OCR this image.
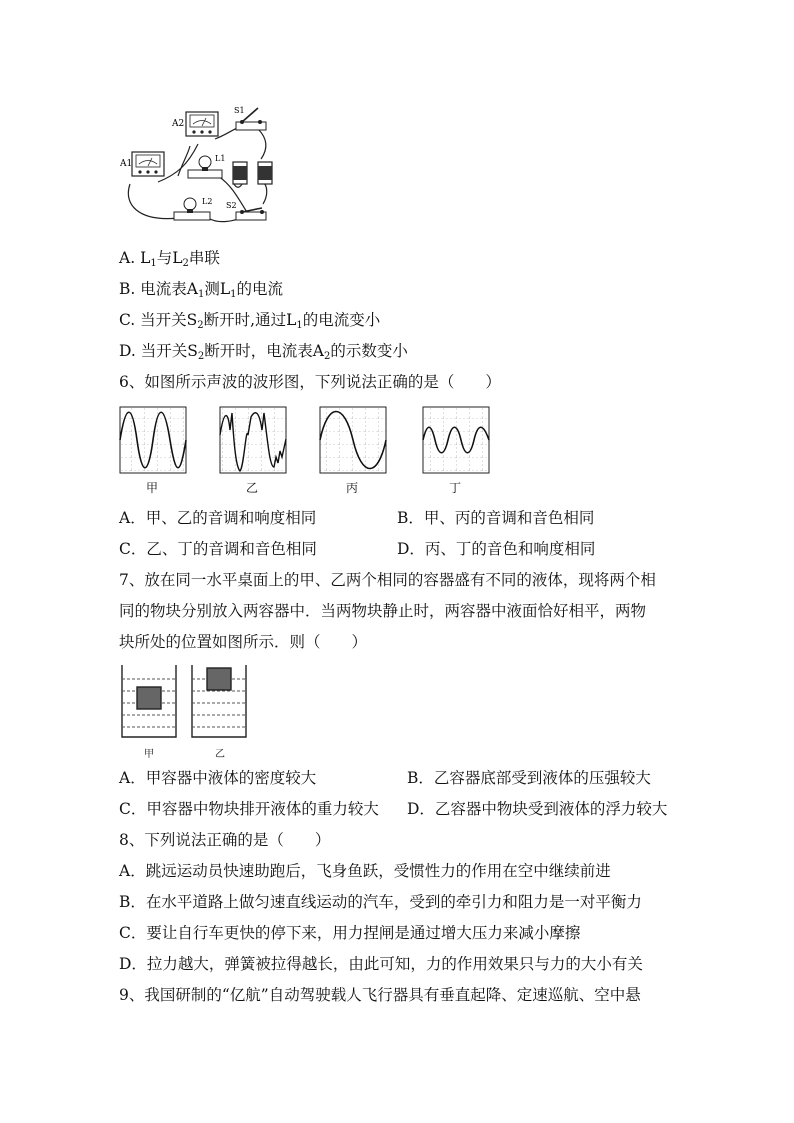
A2
A1
S1
L1
L2 S2
A. $L_1$与$L_2$串联
B. 电流表$A_1$测$L_1$的电流
C. 当开关$S_2$断开时,通过$L_1$的电流变小
D. 当开关$S_2$断开时，电流表$A_2$的示数变小
6、如图所示声波的波形图，下列说法正确的是（　　）
甲	乙	丙	丁
A．甲、乙的音调和响度相同	B．甲、丙的音调和音色相同
C．乙、丁的音调和音色相同	D．丙、丁的音色和响度相同
7、放在同一水平桌面上的甲、乙两个相同的容器盛有不同的液体，现将两个相
同的物块分别放入两容器中．当两物块静止时，两容器中液面恰好相平，两物
块所处的位置如图所示．则（　　）
甲	乙
A．甲容器中液体的密度较大	B．乙容器底部受到液体的压强较大
C．甲容器中物块排开液体的重力较大 D．乙容器中物块受到液体的浮力较大
8、下列说法正确的是（　　）
A．跳远运动员快速助跑后，飞身鱼跃，受惯性力的作用在空中继续前进
B．在水平道路上做匀速直线运动的汽车，受到的牵引力和阻力是一对平衡力
C．要让自行车更快的停下来，用力捏闸是通过增大压力来减小摩擦
D．拉力越大，弹簧被拉得越长，由此可知，力的作用效果只与力的大小有关
9、我国研制的“亿航”自动驾驶载人飞行器具有垂直起降、定速巡航、空中悬
